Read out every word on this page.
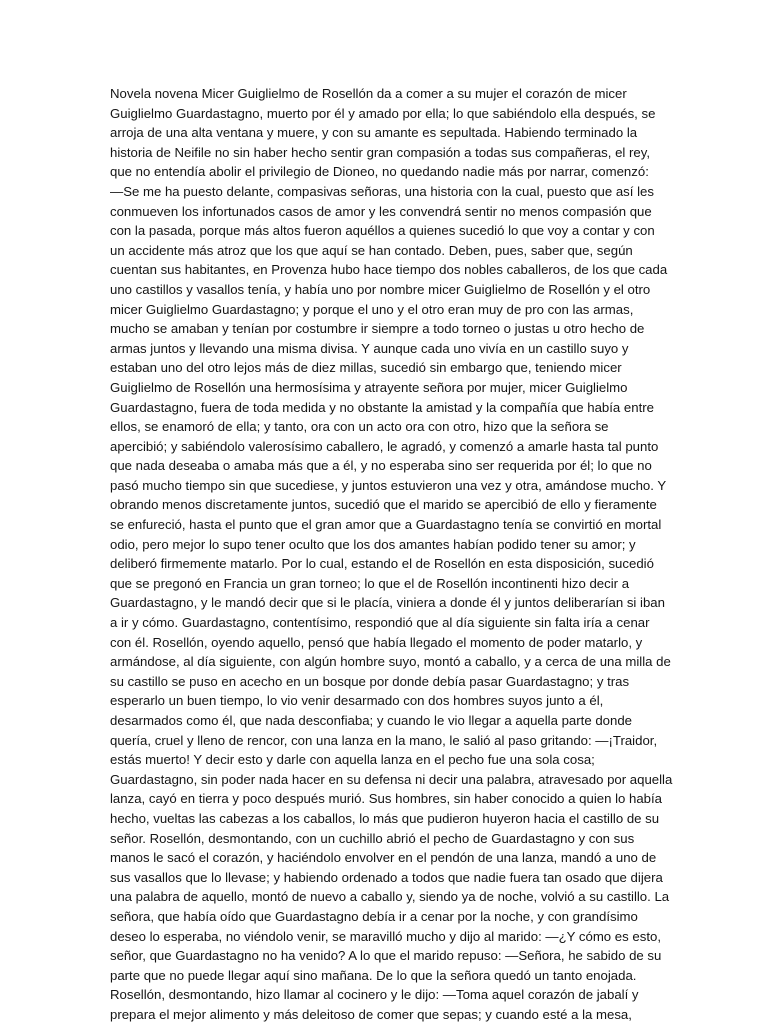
Novela novena Micer Guiglielmo de Rosellón da a comer a su mujer el corazón de micer
Guiglielmo Guardastagno, muerto por él y amado por ella; lo que sabiéndolo ella después, se
arroja de una alta ventana y muere, y con su amante es sepultada. Habiendo terminado la
historia de Neifile no sin haber hecho sentir gran compasión a todas sus compañeras, el rey,
que no entendía abolir el privilegio de Dioneo, no quedando nadie más por narrar, comenzó:
—Se me ha puesto delante, compasivas señoras, una historia con la cual, puesto que así les
conmueven los infortunados casos de amor y les convendrá sentir no menos compasión que
con la pasada, porque más altos fueron aquéllos a quienes sucedió lo que voy a contar y con
un accidente más atroz que los que aquí se han contado. Deben, pues, saber que, según
cuentan sus habitantes, en Provenza hubo hace tiempo dos nobles caballeros, de los que cada
uno castillos y vasallos tenía, y había uno por nombre micer Guiglielmo de Rosellón y el otro
micer Guiglielmo Guardastagno; y porque el uno y el otro eran muy de pro con las armas,
mucho se amaban y tenían por costumbre ir siempre a todo torneo o justas u otro hecho de
armas juntos y llevando una misma divisa. Y aunque cada uno vivía en un castillo suyo y
estaban uno del otro lejos más de diez millas, sucedió sin embargo que, teniendo micer
Guiglielmo de Rosellón una hermosísima y atrayente señora por mujer, micer Guiglielmo
Guardastagno, fuera de toda medida y no obstante la amistad y la compañía que había entre
ellos, se enamoró de ella; y tanto, ora con un acto ora con otro, hizo que la señora se
apercibió; y sabiéndolo valerosísimo caballero, le agradó, y comenzó a amarle hasta tal punto
que nada deseaba o amaba más que a él, y no esperaba sino ser requerida por él; lo que no
pasó mucho tiempo sin que sucediese, y juntos estuvieron una vez y otra, amándose mucho. Y
obrando menos discretamente juntos, sucedió que el marido se apercibió de ello y fieramente
se enfureció, hasta el punto que el gran amor que a Guardastagno tenía se convirtió en mortal
odio, pero mejor lo supo tener oculto que los dos amantes habían podido tener su amor; y
deliberó firmemente matarlo. Por lo cual, estando el de Rosellón en esta disposición, sucedió
que se pregonó en Francia un gran torneo; lo que el de Rosellón incontinenti hizo decir a
Guardastagno, y le mandó decir que si le placía, viniera a donde él y juntos deliberarían si iban
a ir y cómo. Guardastagno, contentísimo, respondió que al día siguiente sin falta iría a cenar
con él. Rosellón, oyendo aquello, pensó que había llegado el momento de poder matarlo, y
armándose, al día siguiente, con algún hombre suyo, montó a caballo, y a cerca de una milla de
su castillo se puso en acecho en un bosque por donde debía pasar Guardastagno; y tras
esperarlo un buen tiempo, lo vio venir desarmado con dos hombres suyos junto a él,
desarmados como él, que nada desconfiaba; y cuando le vio llegar a aquella parte donde
quería, cruel y lleno de rencor, con una lanza en la mano, le salió al paso gritando: —¡Traidor,
estás muerto! Y decir esto y darle con aquella lanza en el pecho fue una sola cosa;
Guardastagno, sin poder nada hacer en su defensa ni decir una palabra, atravesado por aquella
lanza, cayó en tierra y poco después murió. Sus hombres, sin haber conocido a quien lo había
hecho, vueltas las cabezas a los caballos, lo más que pudieron huyeron hacia el castillo de su
señor. Rosellón, desmontando, con un cuchillo abrió el pecho de Guardastagno y con sus
manos le sacó el corazón, y haciéndolo envolver en el pendón de una lanza, mandó a uno de
sus vasallos que lo llevase; y habiendo ordenado a todos que nadie fuera tan osado que dijera
una palabra de aquello, montó de nuevo a caballo y, siendo ya de noche, volvió a su castillo. La
señora, que había oído que Guardastagno debía ir a cenar por la noche, y con grandísimo
deseo lo esperaba, no viéndolo venir, se maravilló mucho y dijo al marido: —¿Y cómo es esto,
señor, que Guardastagno no ha venido? A lo que el marido repuso: —Señora, he sabido de su
parte que no puede llegar aquí sino mañana. De lo que la señora quedó un tanto enojada.
Rosellón, desmontando, hizo llamar al cocinero y le dijo: —Toma aquel corazón de jabalí y
prepara el mejor alimento y más deleitoso de comer que sepas; y cuando esté a la mesa,
